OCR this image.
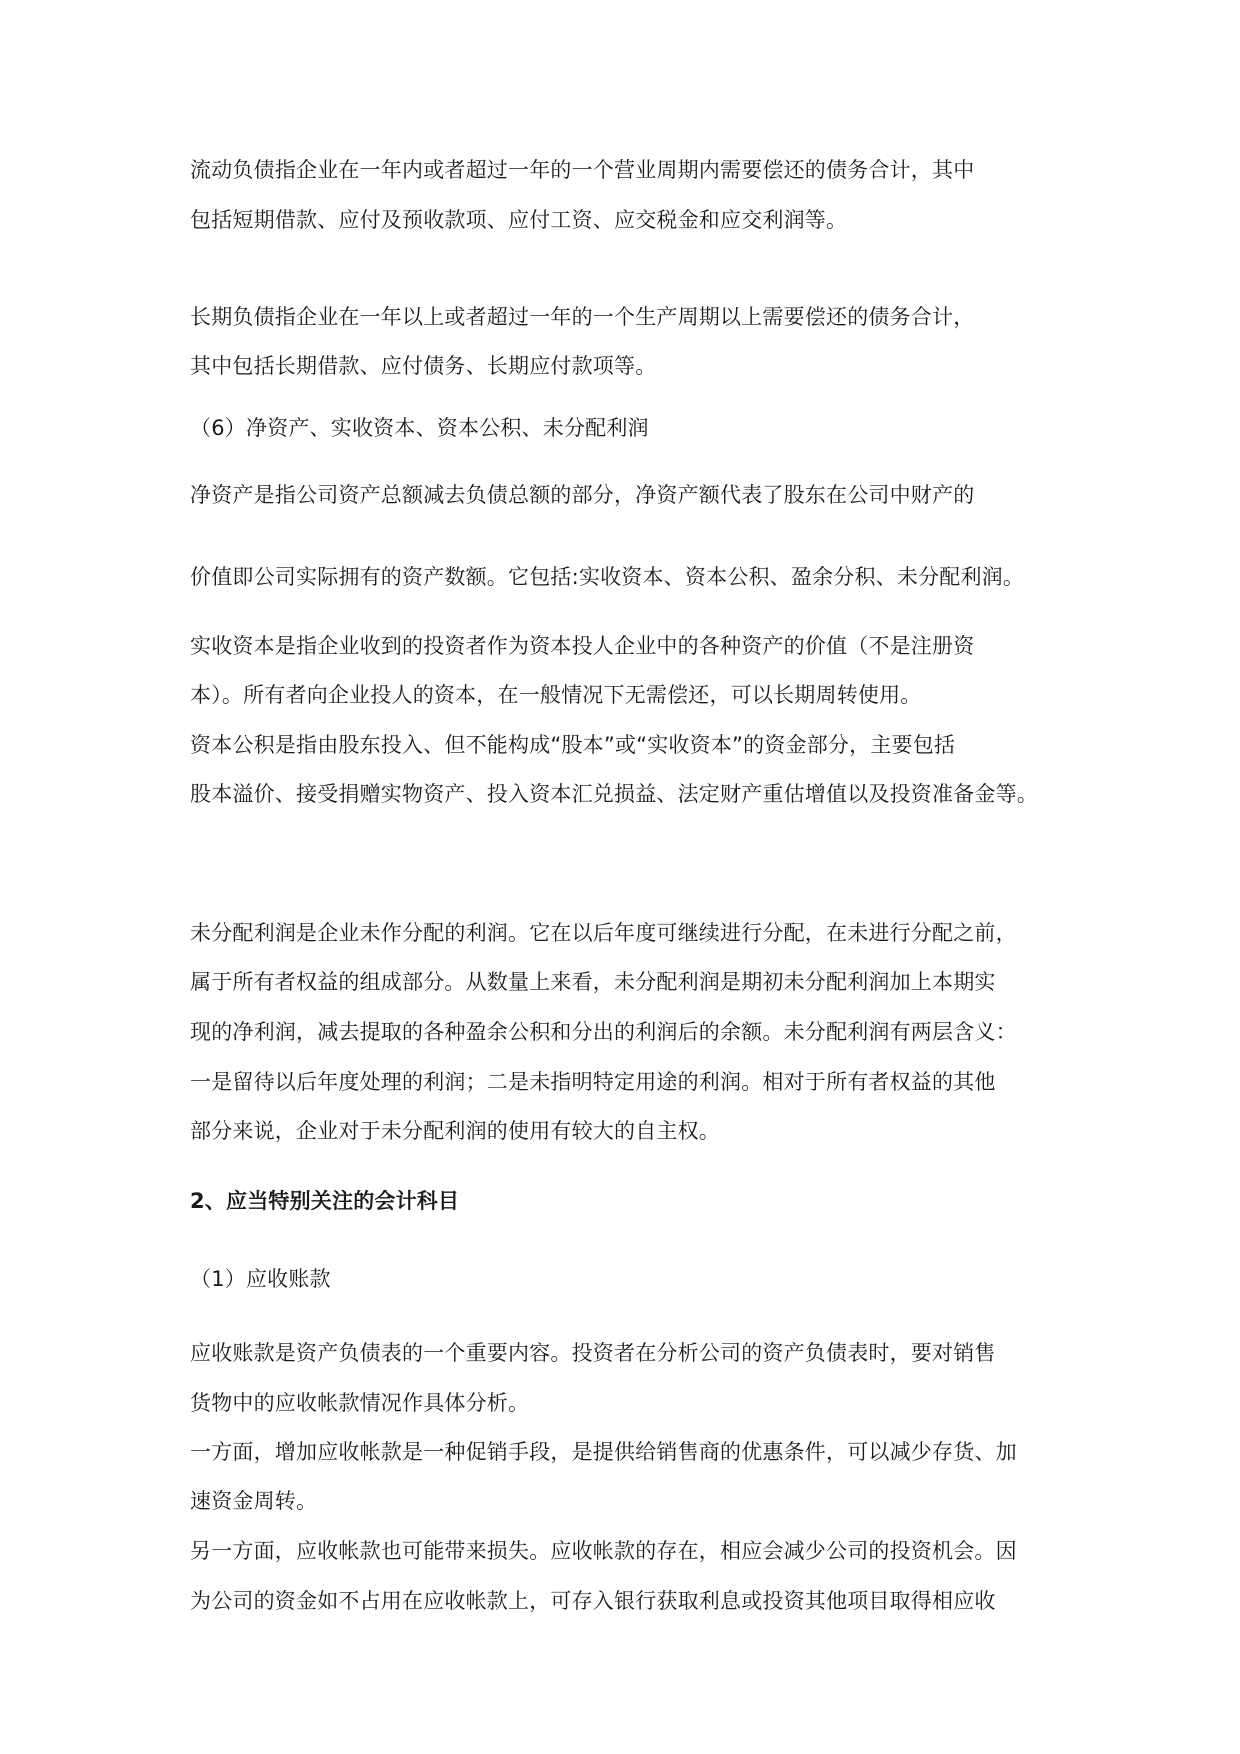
流动负债指企业在一年内或者超过一年的一个营业周期内需要偿还的债务合计，其中
包括短期借款、应付及预收款项、应付工资、应交税金和应交利润等。
长期负债指企业在一年以上或者超过一年的一个生产周期以上需要偿还的债务合计，
其中包括长期借款、应付债务、长期应付款项等。
（6）净资产、实收资本、资本公积、未分配利润
净资产是指公司资产总额减去负债总额的部分，净资产额代表了股东在公司中财产的
价值即公司实际拥有的资产数额。它包括:实收资本、资本公积、盈余分积、未分配利润。
实收资本是指企业收到的投资者作为资本投人企业中的各种资产的价值（不是注册资
本）。所有者向企业投人的资本，在一般情况下无需偿还，可以长期周转使用。
资本公积是指由股东投入、但不能构成“股本”或“实收资本”的资金部分，主要包括
股本溢价、接受捐赠实物资产、投入资本汇兑损益、法定财产重估增值以及投资准备金等。
未分配利润是企业未作分配的利润。它在以后年度可继续进行分配，在未进行分配之前，
属于所有者权益的组成部分。从数量上来看，未分配利润是期初未分配利润加上本期实
现的净利润，减去提取的各种盈余公积和分出的利润后的余额。未分配利润有两层含义：
一是留待以后年度处理的利润；二是未指明特定用途的利润。相对于所有者权益的其他
部分来说，企业对于未分配利润的使用有较大的自主权。
2、应当特别关注的会计科目
（1）应收账款
应收账款是资产负债表的一个重要内容。投资者在分析公司的资产负债表时，要对销售
货物中的应收帐款情况作具体分析。
一方面，增加应收帐款是一种促销手段，是提供给销售商的优惠条件，可以减少存货、加
速资金周转。
另一方面，应收帐款也可能带来损失。应收帐款的存在，相应会减少公司的投资机会。因
为公司的资金如不占用在应收帐款上，可存入银行获取利息或投资其他项目取得相应收
